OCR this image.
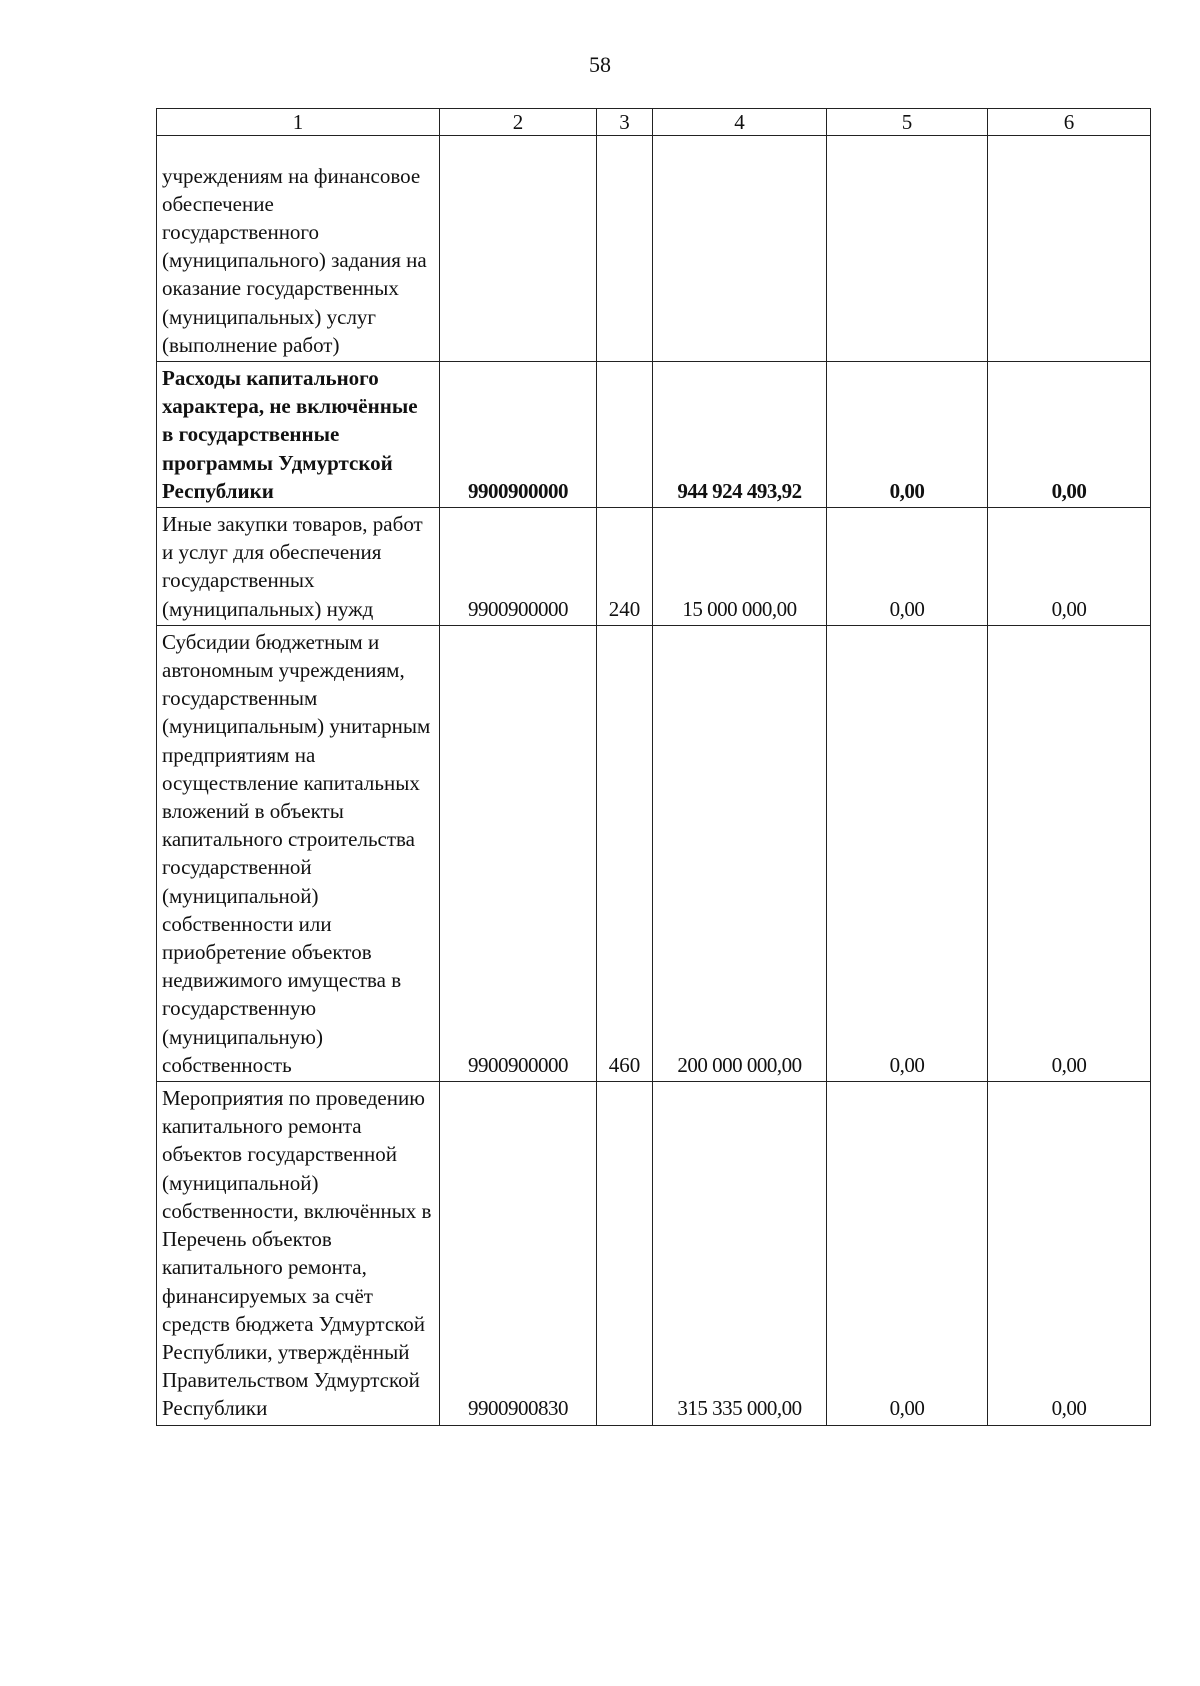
58
1	2	3	4	5	6
учреждениям на финансовое обеспечение государственного (муниципального) задания на оказание государственных (муниципальных) услуг (выполнение работ)					
Расходы капитального характера, не включённые в государственные программы Удмуртской Республики	9900900000		944 924 493,92	0,00	0,00
Иные закупки товаров, работ и услуг для обеспечения государственных (муниципальных) нужд	9900900000	240	15 000 000,00	0,00	0,00
Субсидии бюджетным и автономным учреждениям, государственным (муниципальным) унитарным предприятиям на осуществление капитальных вложений в объекты капитального строительства государственной (муниципальной) собственности или приобретение объектов недвижимого имущества в государственную (муниципальную) собственность	9900900000	460	200 000 000,00	0,00	0,00
Мероприятия по проведению капитального ремонта объектов государственной (муниципальной) собственности, включённых в Перечень объектов капитального ремонта, финансируемых за счёт средств бюджета Удмуртской Республики, утверждённый Правительством Удмуртской Республики	9900900830		315 335 000,00	0,00	0,00
